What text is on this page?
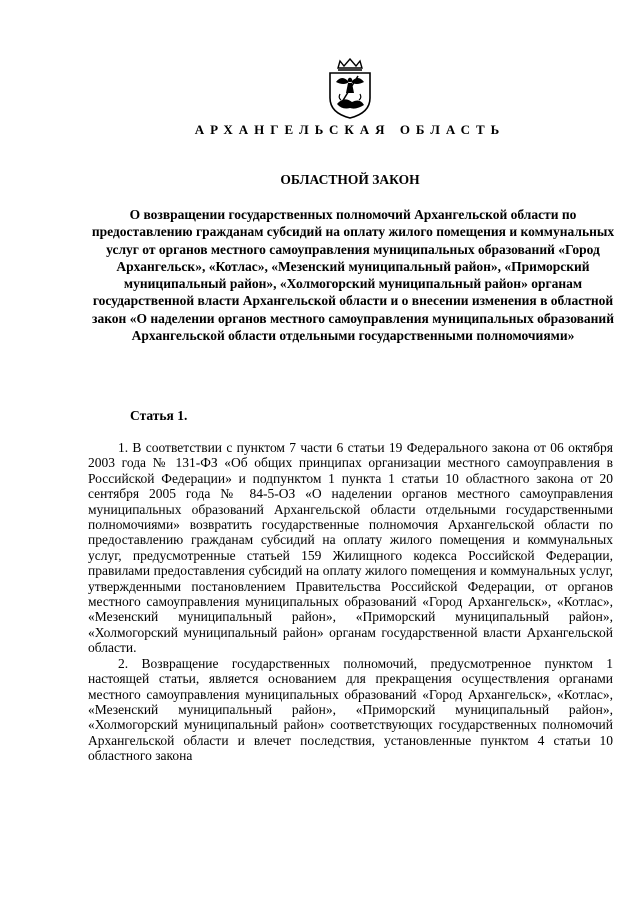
АРХАНГЕЛЬСКАЯ ОБЛАСТЬ
ОБЛАСТНОЙ ЗАКОН
О возвращении государственных полномочий Архангельской области по предоставлению гражданам субсидий на оплату жилого помещения и коммунальных услуг от органов местного самоуправления муниципальных образований «Город Архангельск», «Котлас», «Мезенский муниципальный район», «Приморский муниципальный район», «Холмогорский муниципальный район» органам государственной власти Архангельской области и о внесении изменения в областной закон «О наделении органов местного самоуправления муниципальных образований Архангельской области отдельными государственными полномочиями»
Статья 1.

1. В соответствии с пунктом 7 части 6 статьи 19 Федерального закона от 06 октября 2003 года № 131-ФЗ «Об общих принципах организации местного самоуправления в Российской Федерации» и подпунктом 1 пункта 1 статьи 10 областного закона от 20 сентября 2005 года № 84-5-ОЗ «О наделении органов местного самоуправления муниципальных образований Архангельской области отдельными государственными полномочиями» возвратить государственные полномочия Архангельской области по предоставлению гражданам субсидий на оплату жилого помещения и коммунальных услуг, предусмотренные статьей 159 Жилищного кодекса Российской Федерации, правилами предоставления субсидий на оплату жилого помещения и коммунальных услуг, утвержденными постановлением Правительства Российской Федерации, от органов местного самоуправления муниципальных образований «Город Архангельск», «Котлас», «Мезенский муниципальный район», «Приморский муниципальный район», «Холмогорский муниципальный район» органам государственной власти Архангельской области.

2. Возвращение государственных полномочий, предусмотренное пунктом 1 настоящей статьи, является основанием для прекращения осуществления органами местного самоуправления муниципальных образований «Город Архангельск», «Котлас», «Мезенский муниципальный район», «Приморский муниципальный район», «Холмогорский муниципальный район» соответствующих государственных полномочий Архангельской области и влечет последствия, установленные пунктом 4 статьи 10 областного закона
